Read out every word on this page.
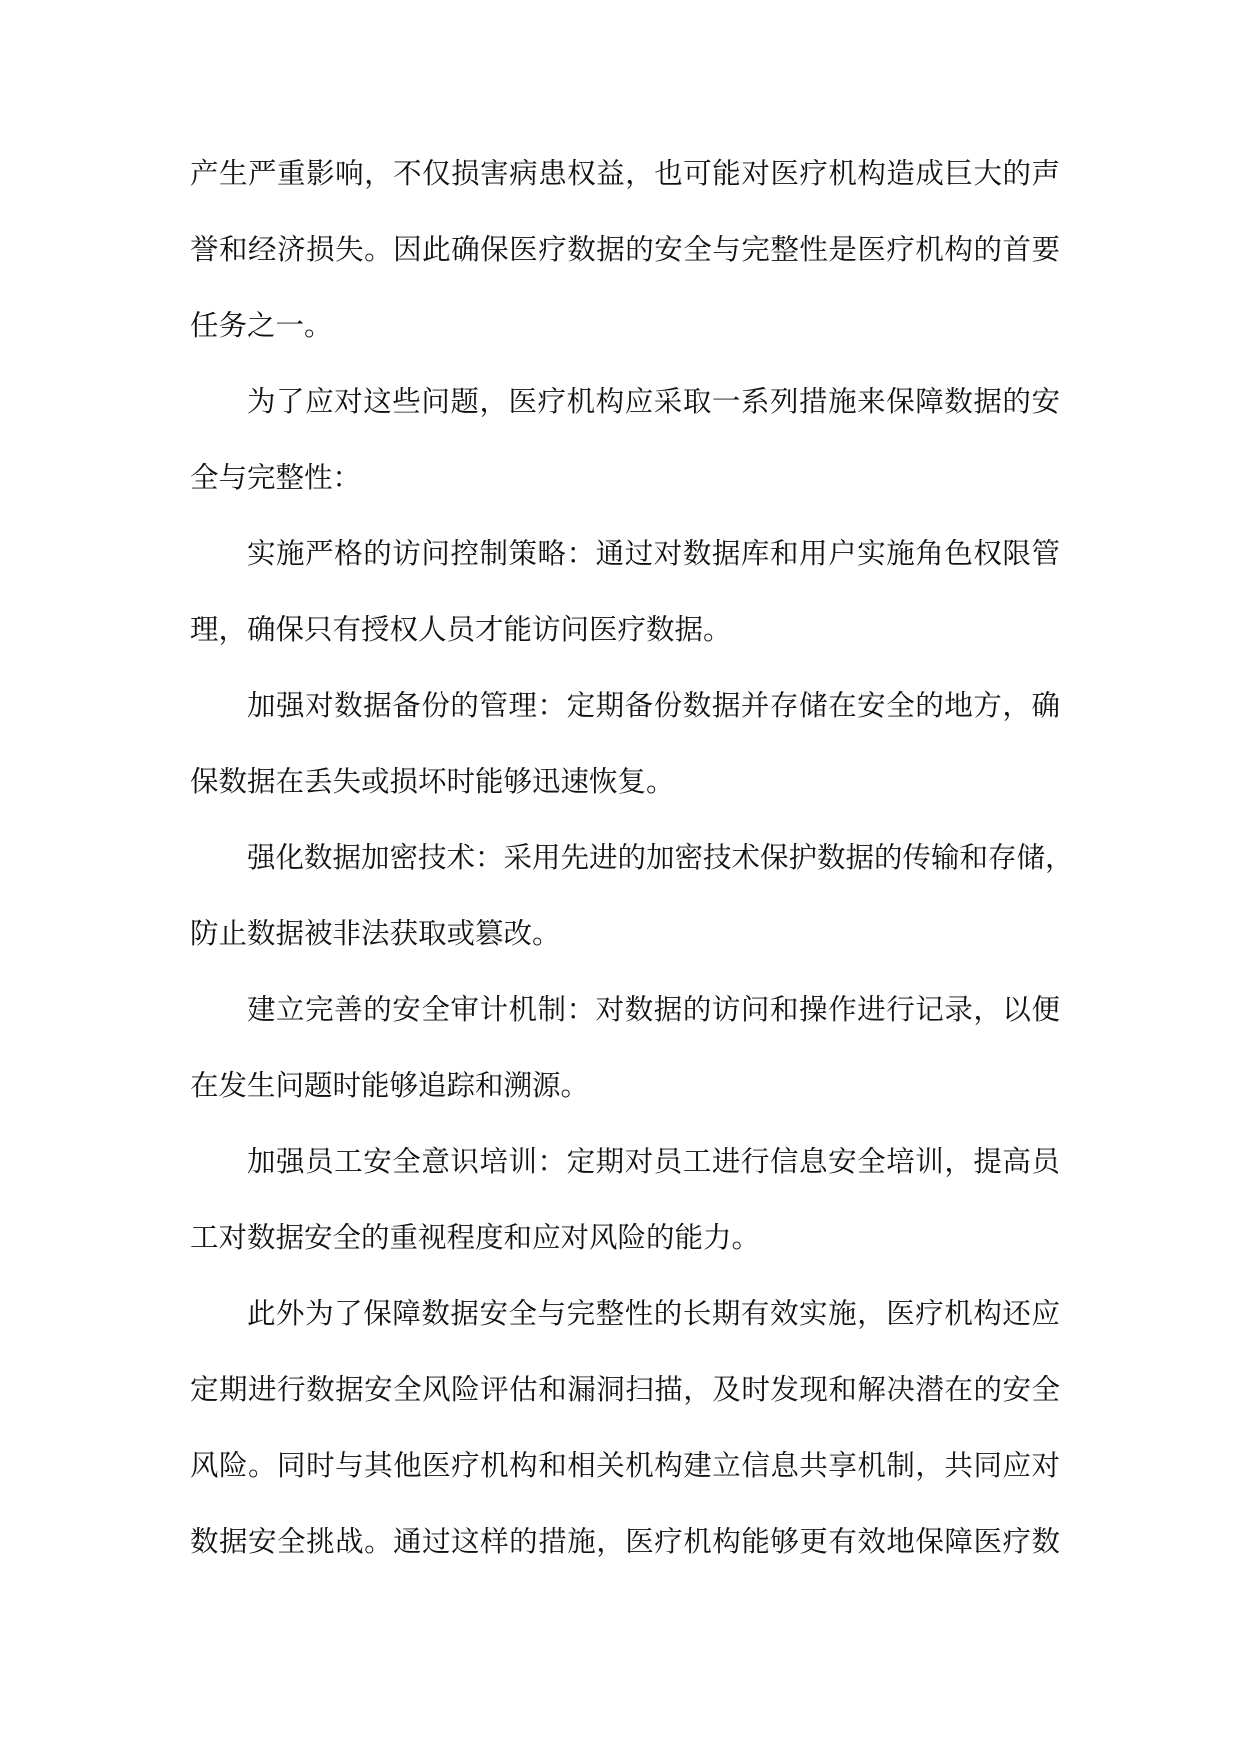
产生严重影响，不仅损害病患权益，也可能对医疗机构造成巨大的声
誉和经济损失。因此确保医疗数据的安全与完整性是医疗机构的首要
任务之一。
为了应对这些问题，医疗机构应采取一系列措施来保障数据的安
全与完整性：
实施严格的访问控制策略：通过对数据库和用户实施角色权限管
理，确保只有授权人员才能访问医疗数据。
加强对数据备份的管理：定期备份数据并存储在安全的地方，确
保数据在丢失或损坏时能够迅速恢复。
强化数据加密技术：采用先进的加密技术保护数据的传输和存储，
防止数据被非法获取或篡改。
建立完善的安全审计机制：对数据的访问和操作进行记录，以便
在发生问题时能够追踪和溯源。
加强员工安全意识培训：定期对员工进行信息安全培训，提高员
工对数据安全的重视程度和应对风险的能力。
此外为了保障数据安全与完整性的长期有效实施，医疗机构还应
定期进行数据安全风险评估和漏洞扫描，及时发现和解决潜在的安全
风险。同时与其他医疗机构和相关机构建立信息共享机制，共同应对
数据安全挑战。通过这样的措施，医疗机构能够更有效地保障医疗数
